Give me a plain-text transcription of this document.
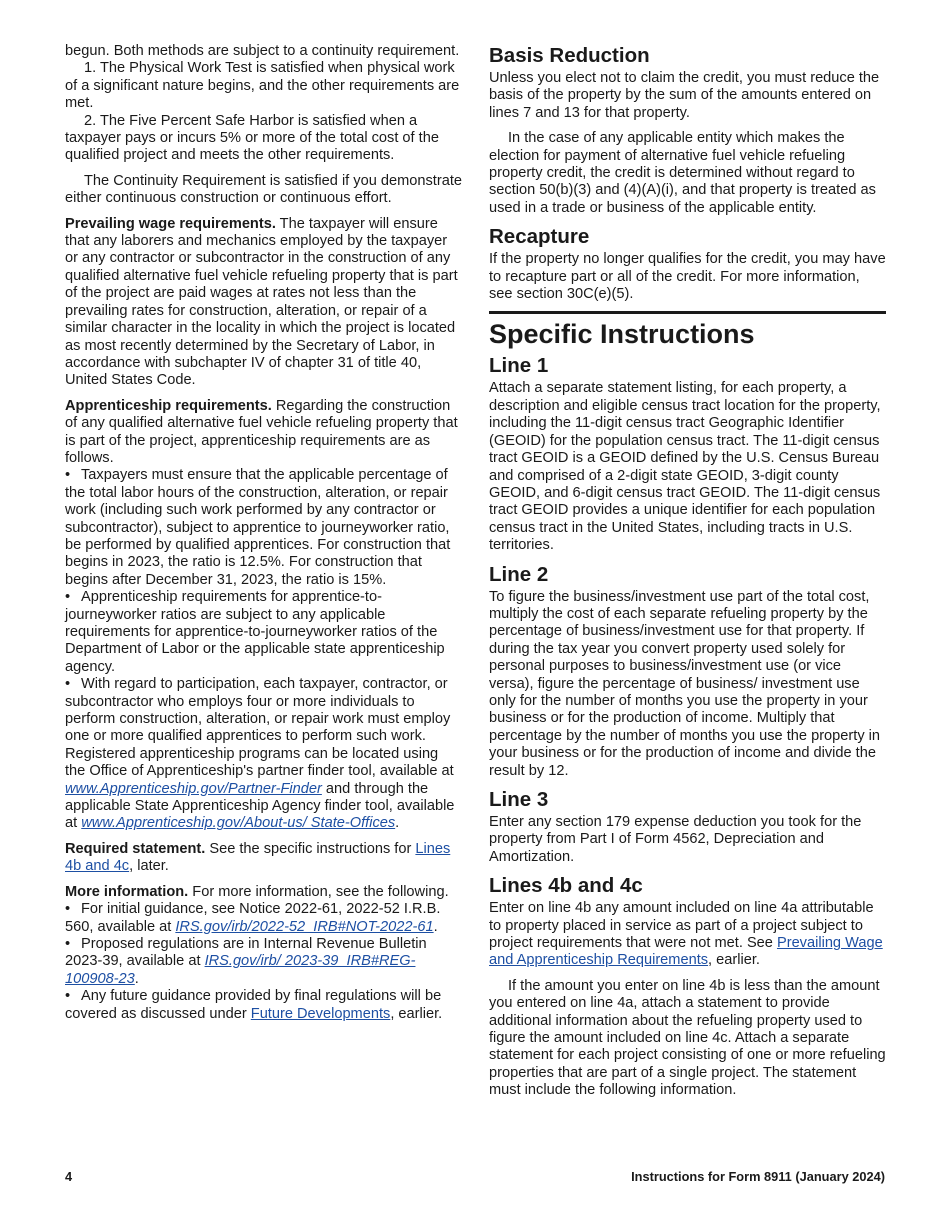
begun. Both methods are subject to a continuity requirement.
1. The Physical Work Test is satisfied when physical work of a significant nature begins, and the other requirements are met.
2. The Five Percent Safe Harbor is satisfied when a taxpayer pays or incurs 5% or more of the total cost of the qualified project and meets the other requirements.
The Continuity Requirement is satisfied if you demonstrate either continuous construction or continuous effort.
Prevailing wage requirements. The taxpayer will ensure that any laborers and mechanics employed by the taxpayer or any contractor or subcontractor in the construction of any qualified alternative fuel vehicle refueling property that is part of the project are paid wages at rates not less than the prevailing rates for construction, alteration, or repair of a similar character in the locality in which the project is located as most recently determined by the Secretary of Labor, in accordance with subchapter IV of chapter 31 of title 40, United States Code.
Apprenticeship requirements. Regarding the construction of any qualified alternative fuel vehicle refueling property that is part of the project, apprenticeship requirements are as follows.
• Taxpayers must ensure that the applicable percentage of the total labor hours of the construction, alteration, or repair work (including such work performed by any contractor or subcontractor), subject to apprentice to journeyworker ratio, be performed by qualified apprentices. For construction that begins in 2023, the ratio is 12.5%. For construction that begins after December 31, 2023, the ratio is 15%.
• Apprenticeship requirements for apprentice-to-journeyworker ratios are subject to any applicable requirements for apprentice-to-journeyworker ratios of the Department of Labor or the applicable state apprenticeship agency.
• With regard to participation, each taxpayer, contractor, or subcontractor who employs four or more individuals to perform construction, alteration, or repair work must employ one or more qualified apprentices to perform such work. Registered apprenticeship programs can be located using the Office of Apprenticeship's partner finder tool, available at www.Apprenticeship.gov/Partner-Finder and through the applicable State Apprenticeship Agency finder tool, available at www.Apprenticeship.gov/About-us/ State-Offices.
Required statement. See the specific instructions for Lines 4b and 4c, later.
More information. For more information, see the following.
• For initial guidance, see Notice 2022-61, 2022-52 I.R.B. 560, available at IRS.gov/irb/2022-52_IRB#NOT-2022-61.
• Proposed regulations are in Internal Revenue Bulletin 2023-39, available at IRS.gov/irb/ 2023-39_IRB#REG-100908-23.
• Any future guidance provided by final regulations will be covered as discussed under Future Developments, earlier.
Basis Reduction
Unless you elect not to claim the credit, you must reduce the basis of the property by the sum of the amounts entered on lines 7 and 13 for that property.
In the case of any applicable entity which makes the election for payment of alternative fuel vehicle refueling property credit, the credit is determined without regard to section 50(b)(3) and (4)(A)(i), and that property is treated as used in a trade or business of the applicable entity.
Recapture
If the property no longer qualifies for the credit, you may have to recapture part or all of the credit. For more information, see section 30C(e)(5).
Specific Instructions
Line 1
Attach a separate statement listing, for each property, a description and eligible census tract location for the property, including the 11-digit census tract Geographic Identifier (GEOID) for the population census tract. The 11-digit census tract GEOID is a GEOID defined by the U.S. Census Bureau and comprised of a 2-digit state GEOID, 3-digit county GEOID, and 6-digit census tract GEOID. The 11-digit census tract GEOID provides a unique identifier for each population census tract in the United States, including tracts in U.S. territories.
Line 2
To figure the business/investment use part of the total cost, multiply the cost of each separate refueling property by the percentage of business/investment use for that property. If during the tax year you convert property used solely for personal purposes to business/investment use (or vice versa), figure the percentage of business/ investment use only for the number of months you use the property in your business or for the production of income. Multiply that percentage by the number of months you use the property in your business or for the production of income and divide the result by 12.
Line 3
Enter any section 179 expense deduction you took for the property from Part I of Form 4562, Depreciation and Amortization.
Lines 4b and 4c
Enter on line 4b any amount included on line 4a attributable to property placed in service as part of a project subject to project requirements that were not met. See Prevailing Wage and Apprenticeship Requirements, earlier.
If the amount you enter on line 4b is less than the amount you entered on line 4a, attach a statement to provide additional information about the refueling property used to figure the amount included on line 4c. Attach a separate statement for each project consisting of one or more refueling properties that are part of a single project. The statement must include the following information.
4	Instructions for Form 8911 (January 2024)
